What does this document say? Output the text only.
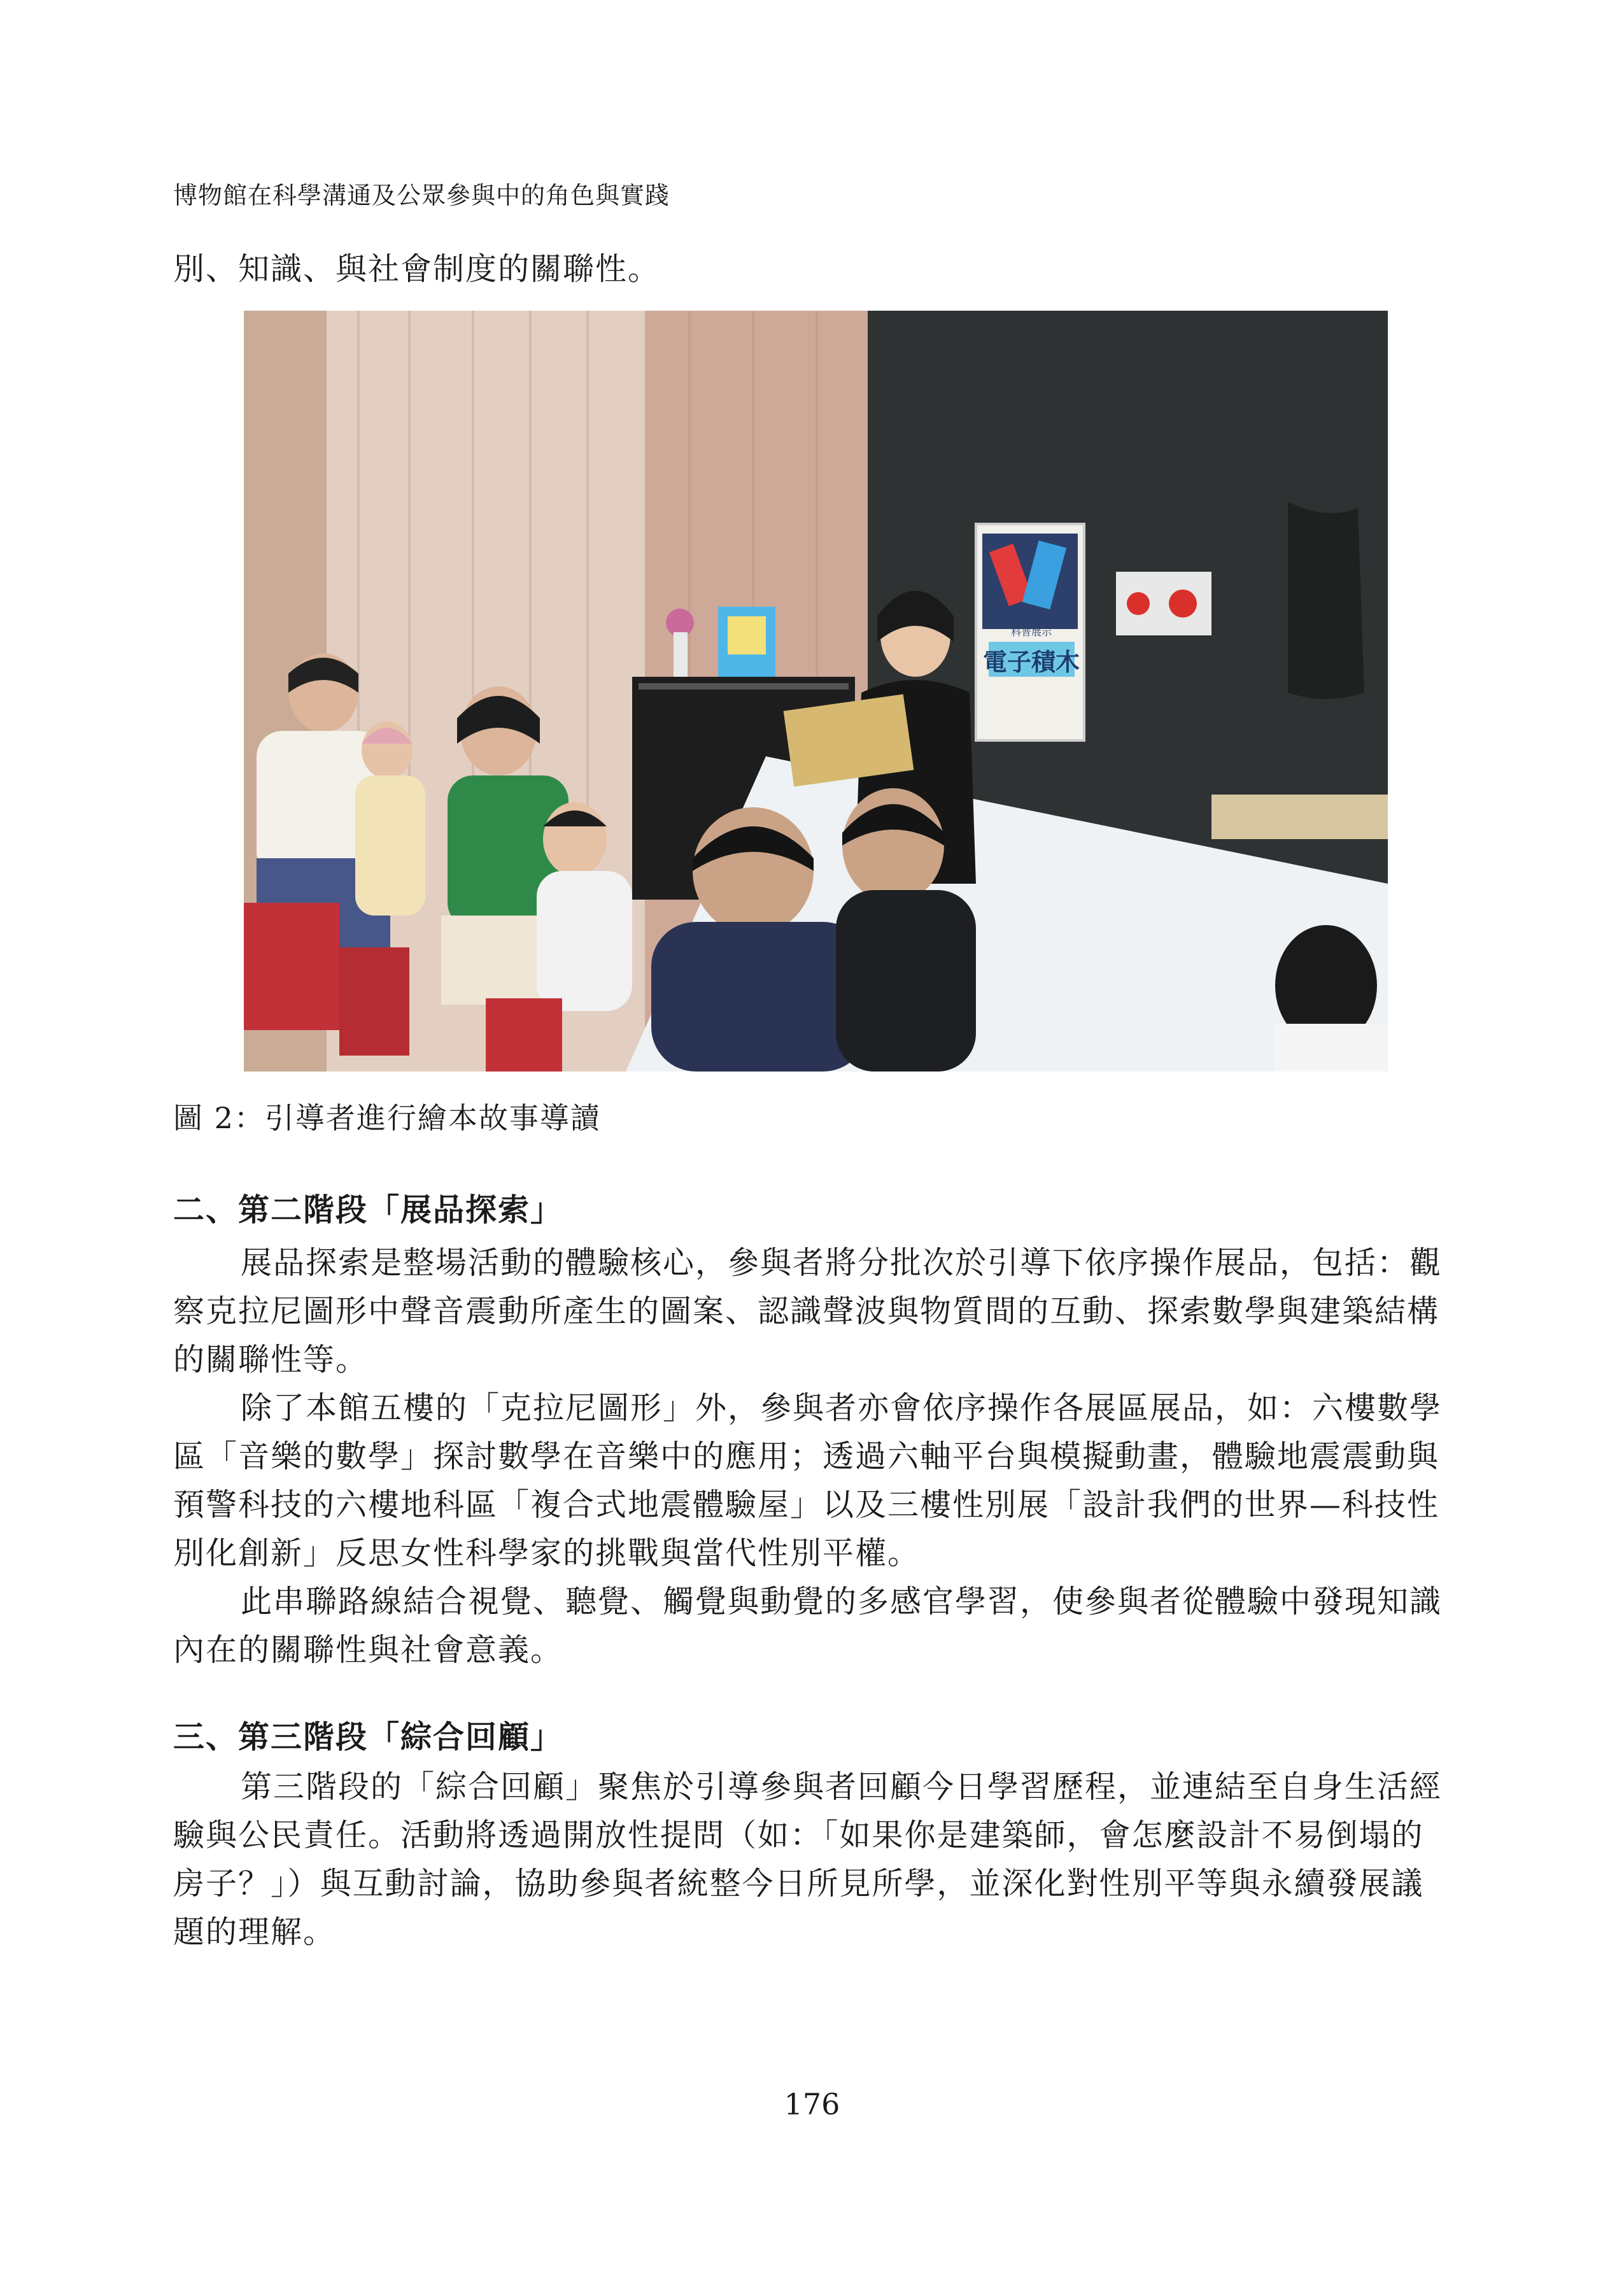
博物館在科學溝通及公眾參與中的角色與實踐
別、知識、與社會制度的關聯性。
電子積木
科普展示
圖 2：引導者進行繪本故事導讀
二、第二階段「展品探索」
展品探索是整場活動的體驗核心，參與者將分批次於引導下依序操作展品，包括：觀
察克拉尼圖形中聲音震動所產生的圖案、認識聲波與物質間的互動、探索數學與建築結構
的關聯性等。
除了本館五樓的「克拉尼圖形」外，參與者亦會依序操作各展區展品，如：六樓數學
區「音樂的數學」探討數學在音樂中的應用；透過六軸平台與模擬動畫，體驗地震震動與
預警科技的六樓地科區「複合式地震體驗屋」以及三樓性別展「設計我們的世界—科技性
別化創新」反思女性科學家的挑戰與當代性別平權。
此串聯路線結合視覺、聽覺、觸覺與動覺的多感官學習，使參與者從體驗中發現知識
內在的關聯性與社會意義。
三、第三階段「綜合回顧」
第三階段的「綜合回顧」聚焦於引導參與者回顧今日學習歷程，並連結至自身生活經
驗與公民責任。活動將透過開放性提問（如：「如果你是建築師，會怎麼設計不易倒塌的
房子？」）與互動討論，協助參與者統整今日所見所學，並深化對性別平等與永續發展議
題的理解。
176
